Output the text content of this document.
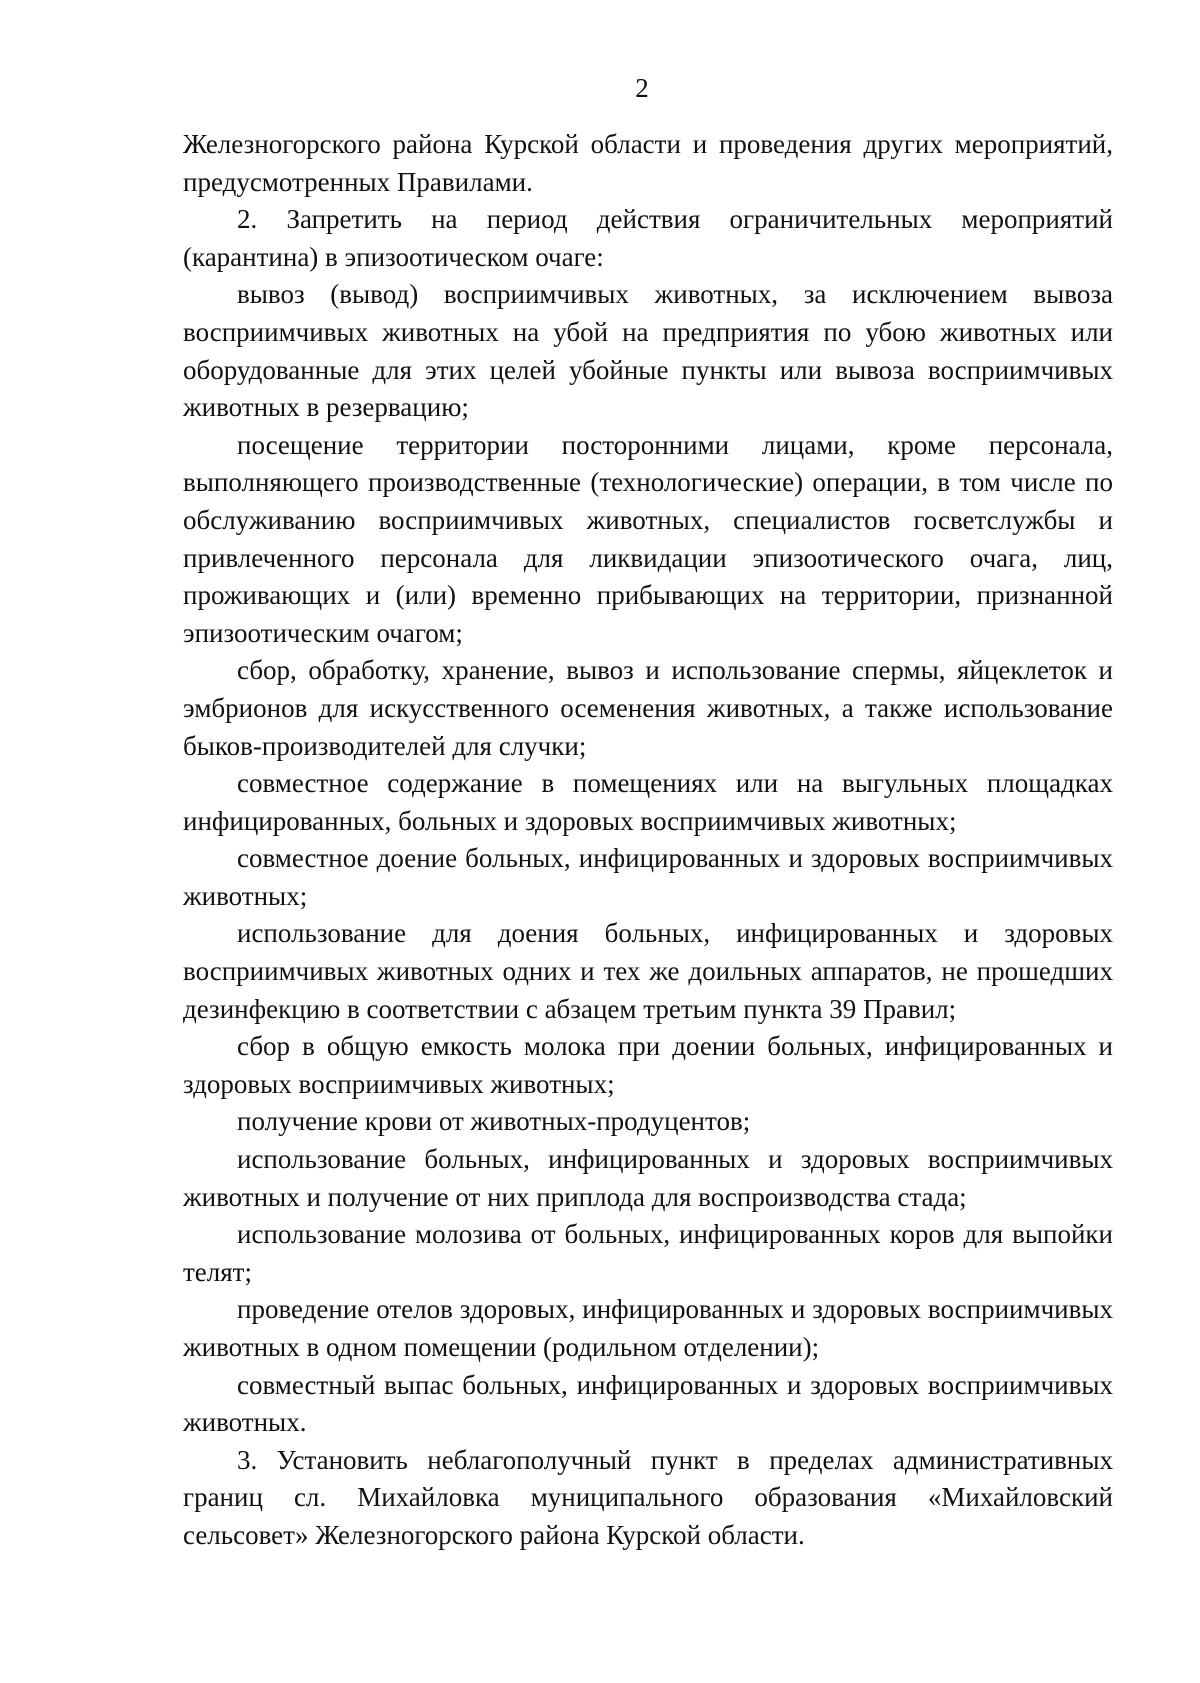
2

Железногорского района Курской области и проведения других мероприятий, предусмотренных Правилами.

2. Запретить на период действия ограничительных мероприятий (карантина) в эпизоотическом очаге:

вывоз (вывод) восприимчивых животных, за исключением вывоза восприимчивых животных на убой на предприятия по убою животных или оборудованные для этих целей убойные пункты или вывоза восприимчивых животных в резервацию;

посещение территории посторонними лицами, кроме персонала, выполняющего производственные (технологические) операции, в том числе по обслуживанию восприимчивых животных, специалистов госветслужбы и привлеченного персонала для ликвидации эпизоотического очага, лиц, проживающих и (или) временно прибывающих на территории, признанной эпизоотическим очагом;

сбор, обработку, хранение, вывоз и использование спермы, яйцеклеток и эмбрионов для искусственного осеменения животных, а также использование быков-производителей для случки;

совместное содержание в помещениях или на выгульных площадках инфицированных, больных и здоровых восприимчивых животных;

совместное доение больных, инфицированных и здоровых восприимчивых животных;

использование для доения больных, инфицированных и здоровых восприимчивых животных одних и тех же доильных аппаратов, не прошедших дезинфекцию в соответствии с абзацем третьим пункта 39 Правил;

сбор в общую емкость молока при доении больных, инфицированных и здоровых восприимчивых животных;

получение крови от животных-продуцентов;

использование больных, инфицированных и здоровых восприимчивых животных и получение от них приплода для воспроизводства стада;

использование молозива от больных, инфицированных коров для выпойки телят;

проведение отелов здоровых, инфицированных и здоровых восприимчивых животных в одном помещении (родильном отделении);

совместный выпас больных, инфицированных и здоровых восприимчивых животных.

3. Установить неблагополучный пункт в пределах административных границ сл. Михайловка муниципального образования «Михайловский сельсовет» Железногорского района Курской области.
